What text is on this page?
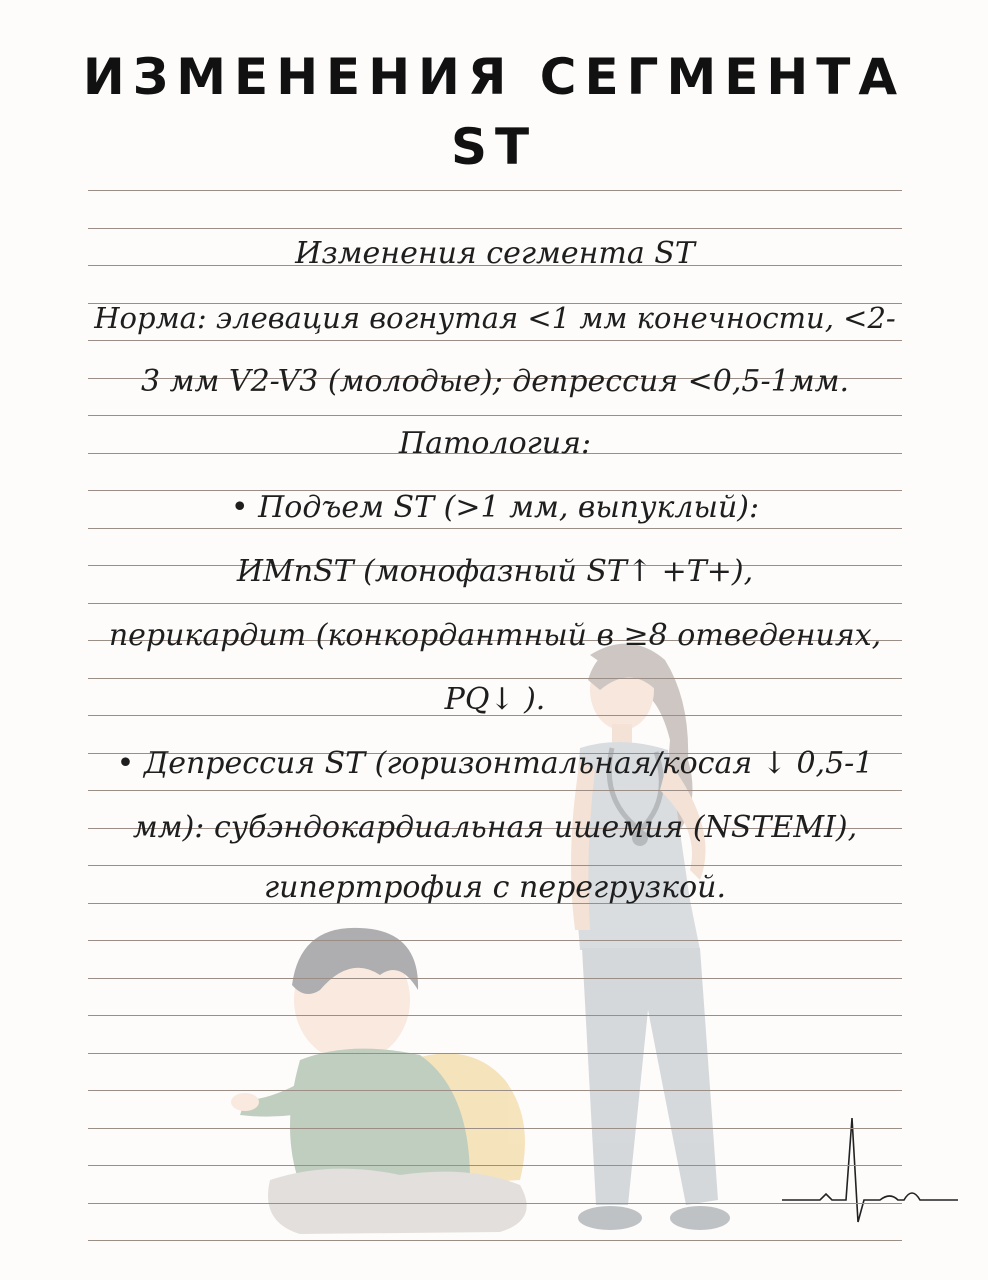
ИЗМЕНЕНИЯ СЕГМЕНТА
ST
Изменения сегмента ST
Норма: элевация вогнутая <1 мм конечности, <2-
3 мм V2-V3 (молодые); депрессия <0,5-1мм.
Патология:
• Подъем ST (>1 мм, выпуклый):
ИМпST (монофазный ST↑ +T+),
перикардит (конкордантный в ≥8 отведениях,
PQ↓ ).
• Депрессия ST (горизонтальная/косая ↓ 0,5-1
мм): субэндокардиальная ишемия (NSTEMI),
гипертрофия с перегрузкой.
